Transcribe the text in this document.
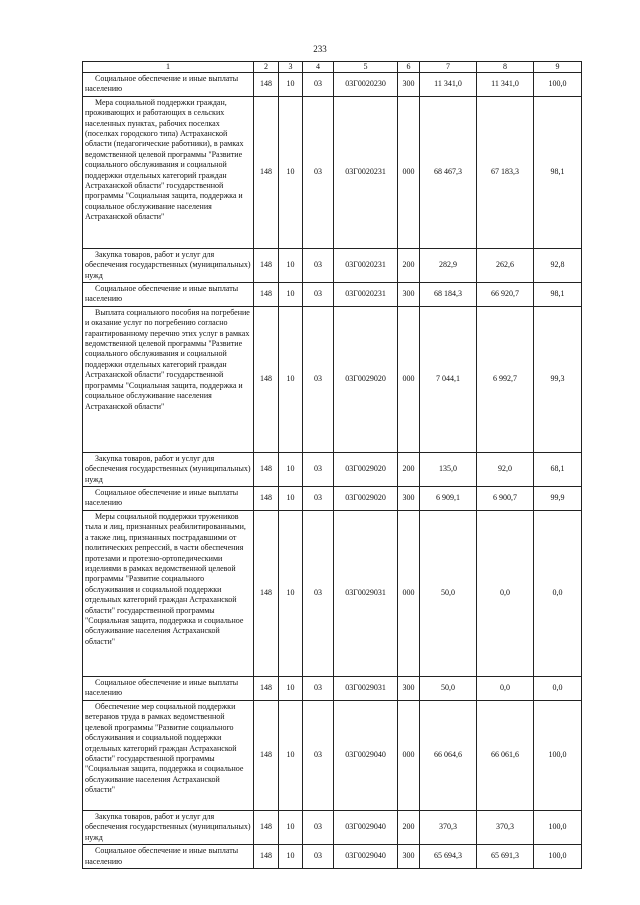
233
1	2	3	4	5	6	7	8	9

Социальное обеспечение и иные выплаты населению	148	10	03	03Г0020230	300	11 341,0	11 341,0	100,0

Мера социальной поддержки граждан, проживающих и работающих в сельских населенных пунктах, рабочих поселках (поселках городского типа) Астраханской области (педагогические работники), в рамках ведомственной целевой программы "Развитие социального обслуживания и социальной поддержки отдельных категорий граждан Астраханской области" государственной программы "Социальная защита, поддержка и социальное обслуживание населения Астраханской области"	148	10	03	03Г0020231	000	68 467,3	67 183,3	98,1

Закупка товаров, работ и услуг для обеспечения государственных (муниципальных) нужд	148	10	03	03Г0020231	200	282,9	262,6	92,8

Социальное обеспечение и иные выплаты населению	148	10	03	03Г0020231	300	68 184,3	66 920,7	98,1

Выплата социального пособия на погребение и оказание услуг по погребению согласно гарантированному перечню этих услуг в рамках ведомственной целевой программы "Развитие социального обслуживания и социальной поддержки отдельных категорий граждан Астраханской области" государственной программы "Социальная защита, поддержка и социальное обслуживание населения Астраханской области"	148	10	03	03Г0029020	000	7 044,1	6 992,7	99,3

Закупка товаров, работ и услуг для обеспечения государственных (муниципальных) нужд	148	10	03	03Г0029020	200	135,0	92,0	68,1

Социальное обеспечение и иные выплаты населению	148	10	03	03Г0029020	300	6 909,1	6 900,7	99,9

Меры социальной поддержки тружеников тыла и лиц, признанных реабилитированными, а также лиц, признанных пострадавшими от политических репрессий, в части обеспечения протезами и протезно-ортопедическими изделиями в рамках ведомственной целевой программы "Развитие социального обслуживания и социальной поддержки отдельных категорий граждан Астраханской области" государственной программы "Социальная защита, поддержка и социальное обслуживание населения Астраханской области"	148	10	03	03Г0029031	000	50,0	0,0	0,0

Социальное обеспечение и иные выплаты населению	148	10	03	03Г0029031	300	50,0	0,0	0,0

Обеспечение мер социальной поддержки ветеранов труда в рамках ведомственной целевой программы "Развитие социального обслуживания и социальной поддержки отдельных категорий граждан Астраханской области" государственной программы "Социальная защита, поддержка и социальное обслуживание населения Астраханской области"	148	10	03	03Г0029040	000	66 064,6	66 061,6	100,0

Закупка товаров, работ и услуг для обеспечения государственных (муниципальных) нужд	148	10	03	03Г0029040	200	370,3	370,3	100,0

Социальное обеспечение и иные выплаты населению	148	10	03	03Г0029040	300	65 694,3	65 691,3	100,0
